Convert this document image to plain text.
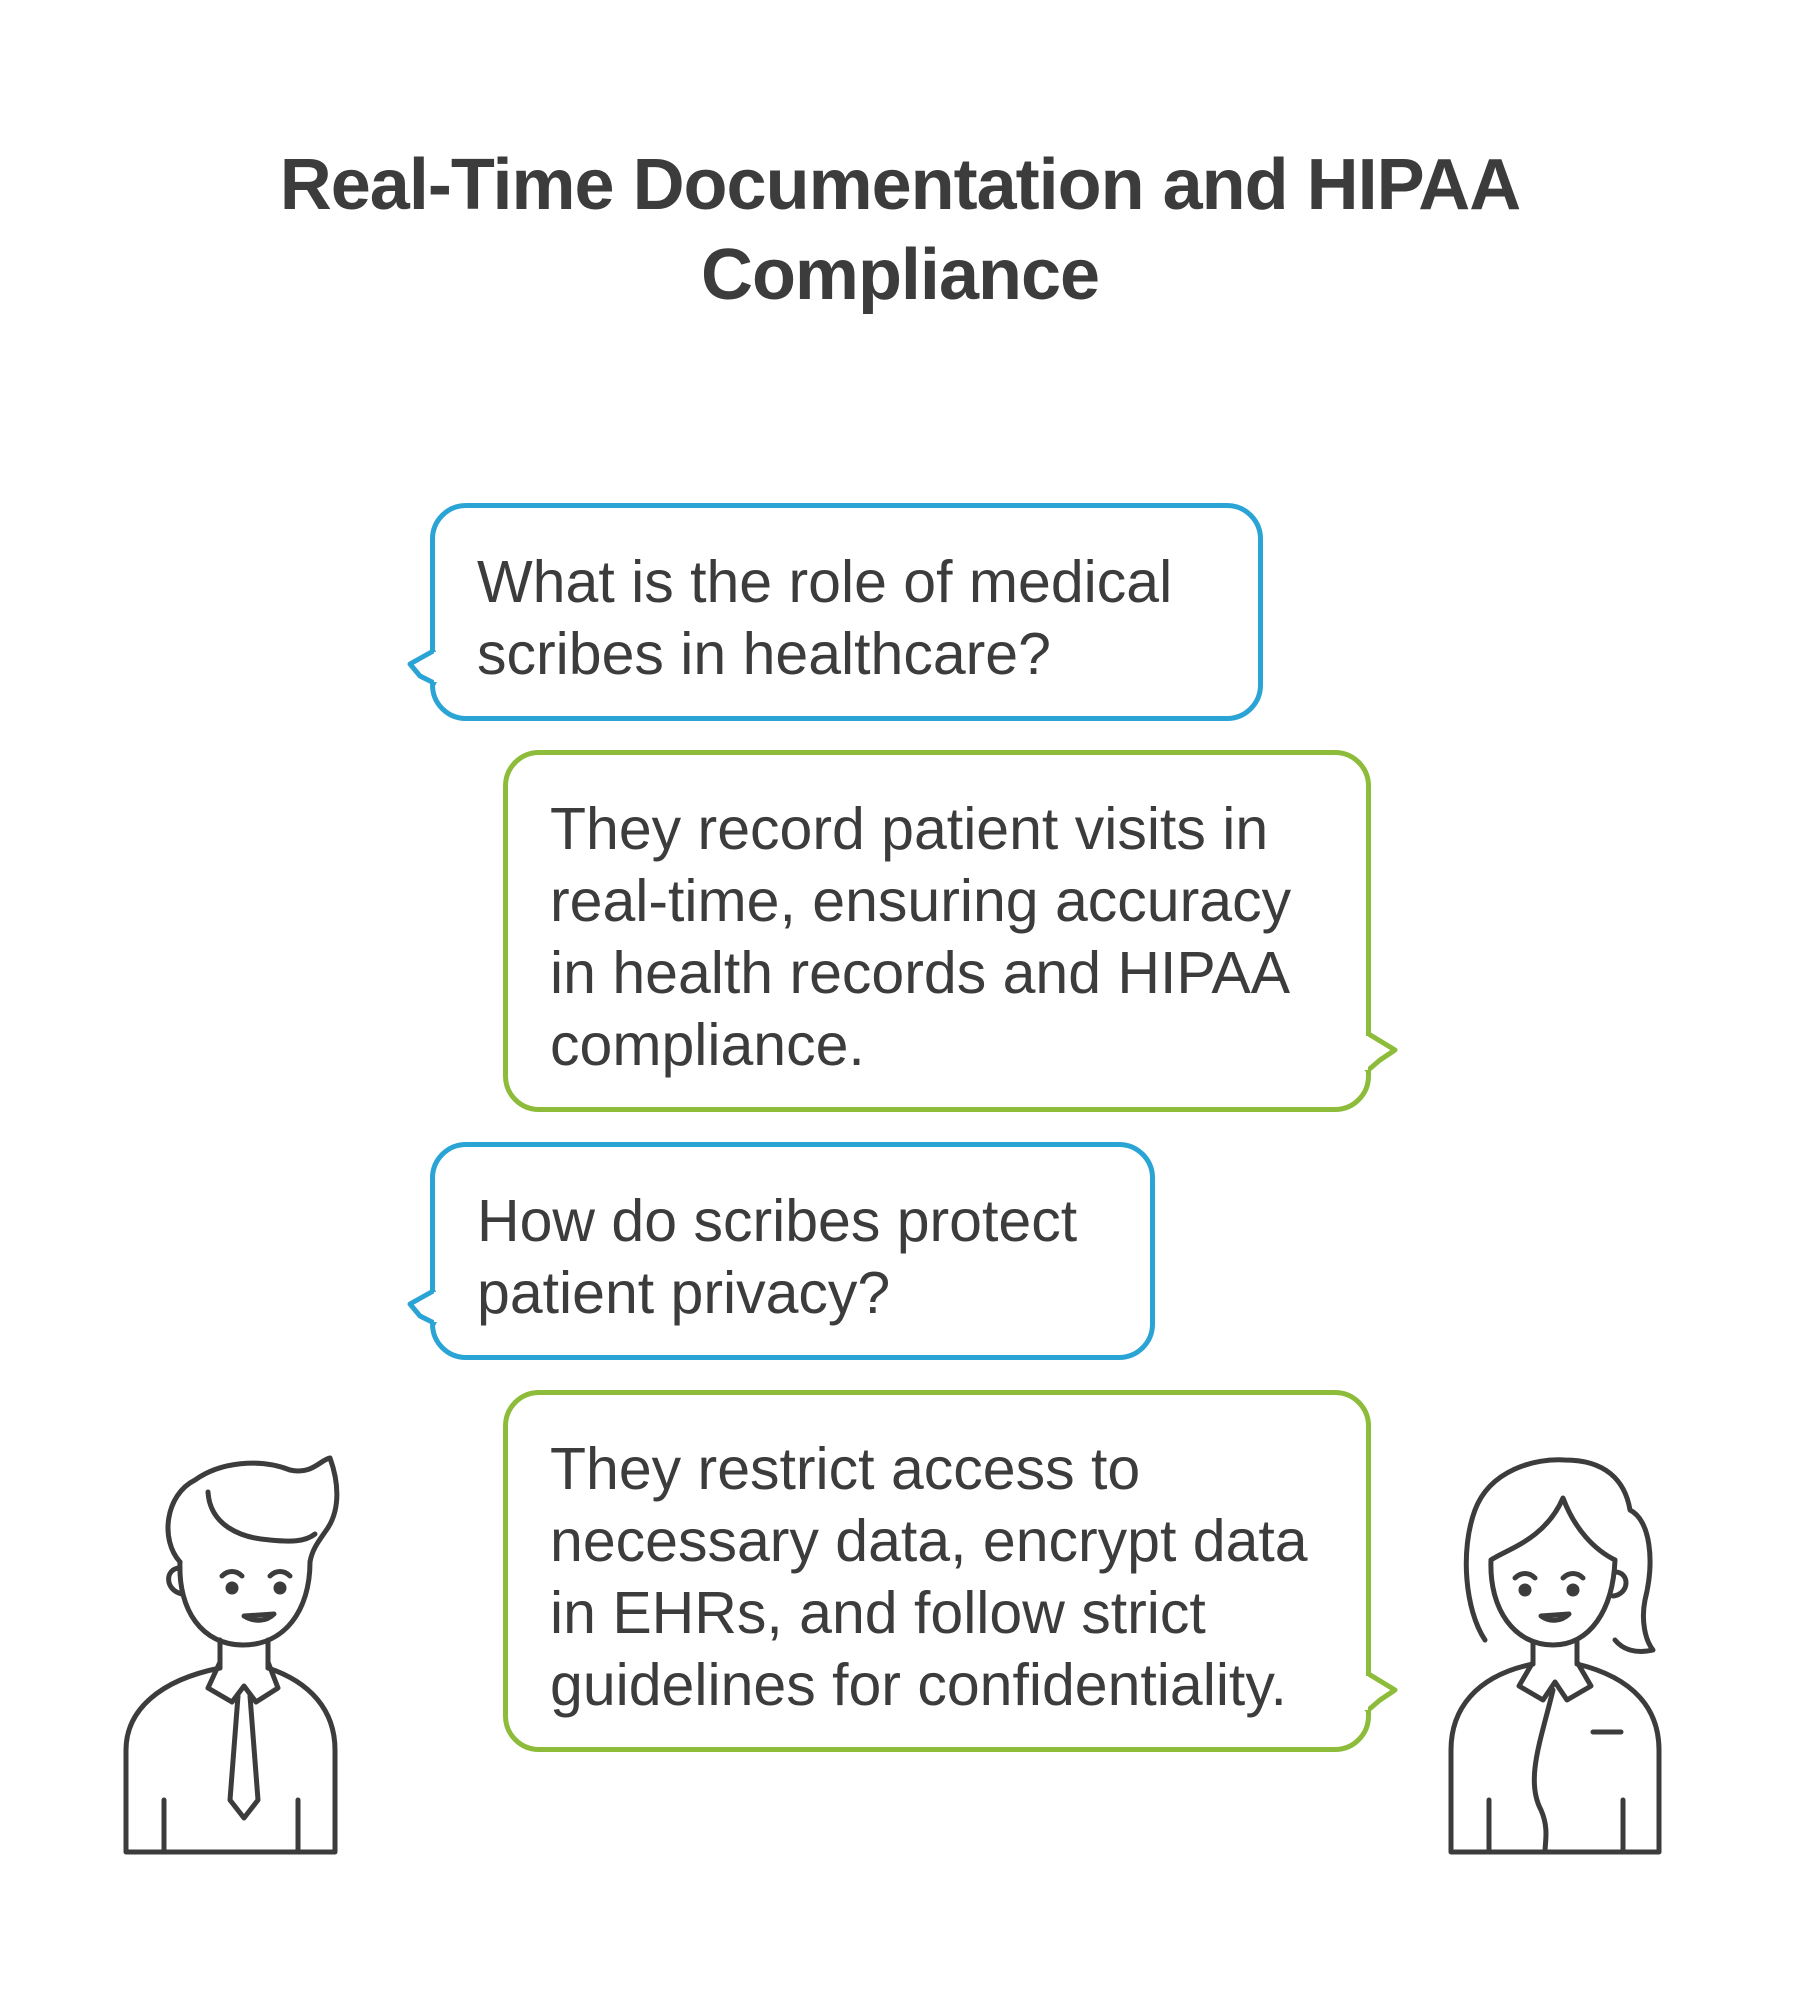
Real-Time Documentation and HIPAA Compliance
What is the role of medical scribes in healthcare?
They record patient visits in real-time, ensuring accuracy in health records and HIPAA compliance.
How do scribes protect patient privacy?
They restrict access to necessary data, encrypt data in EHRs, and follow strict guidelines for confidentiality.
